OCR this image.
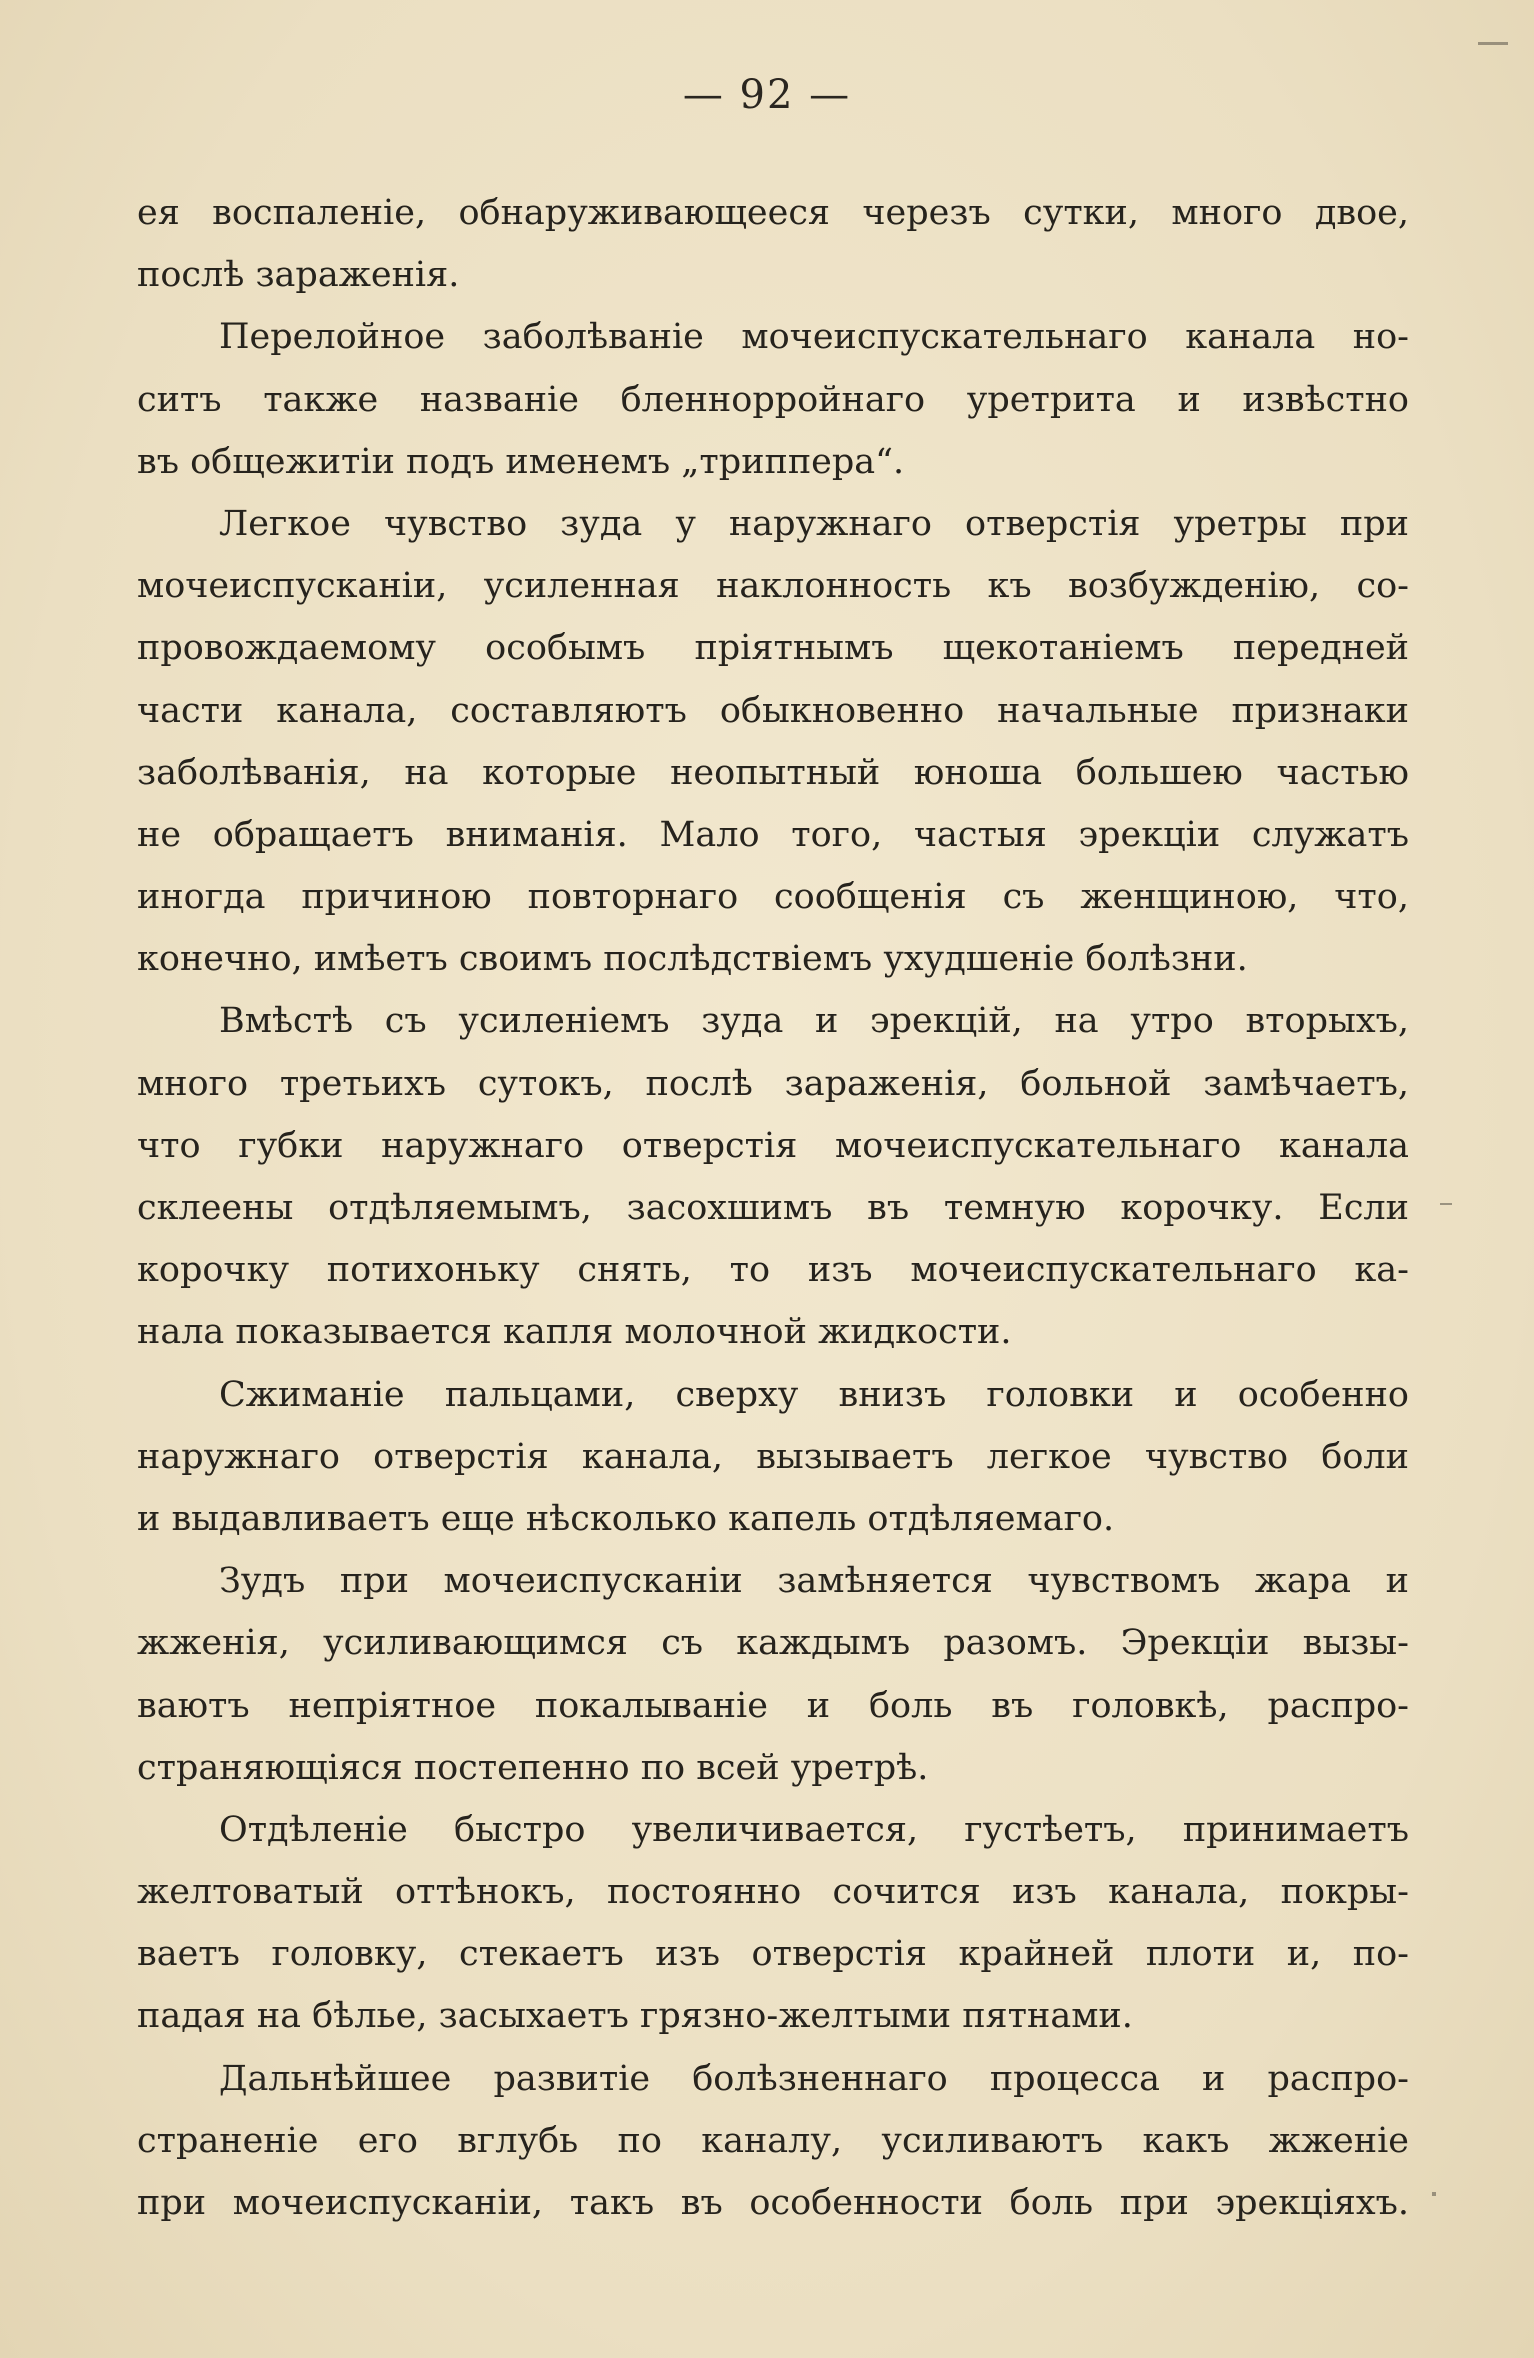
— 92 —
ея воспаленіе, обнаруживающееся черезъ сутки, много двое,
послѣ зараженія.
Перелойное заболѣваніе мочеиспускательнаго канала но-
ситъ также названіе бленнорройнаго уретрита и извѣстно
въ общежитіи подъ именемъ „триппера“.
Легкое чувство зуда у наружнаго отверстія уретры при
мочеиспусканіи, усиленная наклонность къ возбужденію, со-
провождаемому особымъ пріятнымъ щекотаніемъ передней
части канала, составляютъ обыкновенно начальные признаки
заболѣванія, на которые неопытный юноша большею частью
не обращаетъ вниманія. Мало того, частыя эрекціи служатъ
иногда причиною повторнаго сообщенія съ женщиною, что,
конечно, имѣетъ своимъ послѣдствіемъ ухудшеніе болѣзни.
Вмѣстѣ съ усиленіемъ зуда и эрекцій, на утро вторыхъ,
много третьихъ сутокъ, послѣ зараженія, больной замѣчаетъ,
что губки наружнаго отверстія мочеиспускательнаго канала
склеены отдѣляемымъ, засохшимъ въ темную корочку. Если
корочку потихоньку снять, то изъ мочеиспускательнаго ка-
нала показывается капля молочной жидкости.
Сжиманіе пальцами, сверху внизъ головки и особенно
наружнаго отверстія канала, вызываетъ легкое чувство боли
и выдавливаетъ еще нѣсколько капель отдѣляемаго.
Зудъ при мочеиспусканіи замѣняется чувствомъ жара и
жженія, усиливающимся съ каждымъ разомъ. Эрекціи вызы-
ваютъ непріятное покалываніе и боль въ головкѣ, распро-
страняющіяся постепенно по всей уретрѣ.
Отдѣленіе быстро увеличивается, густѣетъ, принимаетъ
желтоватый оттѣнокъ, постоянно сочится изъ канала, покры-
ваетъ головку, стекаетъ изъ отверстія крайней плоти и, по-
падая на бѣлье, засыхаетъ грязно-желтыми пятнами.
Дальнѣйшее развитіе болѣзненнаго процесса и распро-
страненіе его вглубь по каналу, усиливаютъ какъ жженіе
при мочеиспусканіи, такъ въ особенности боль при эрекціяхъ.
